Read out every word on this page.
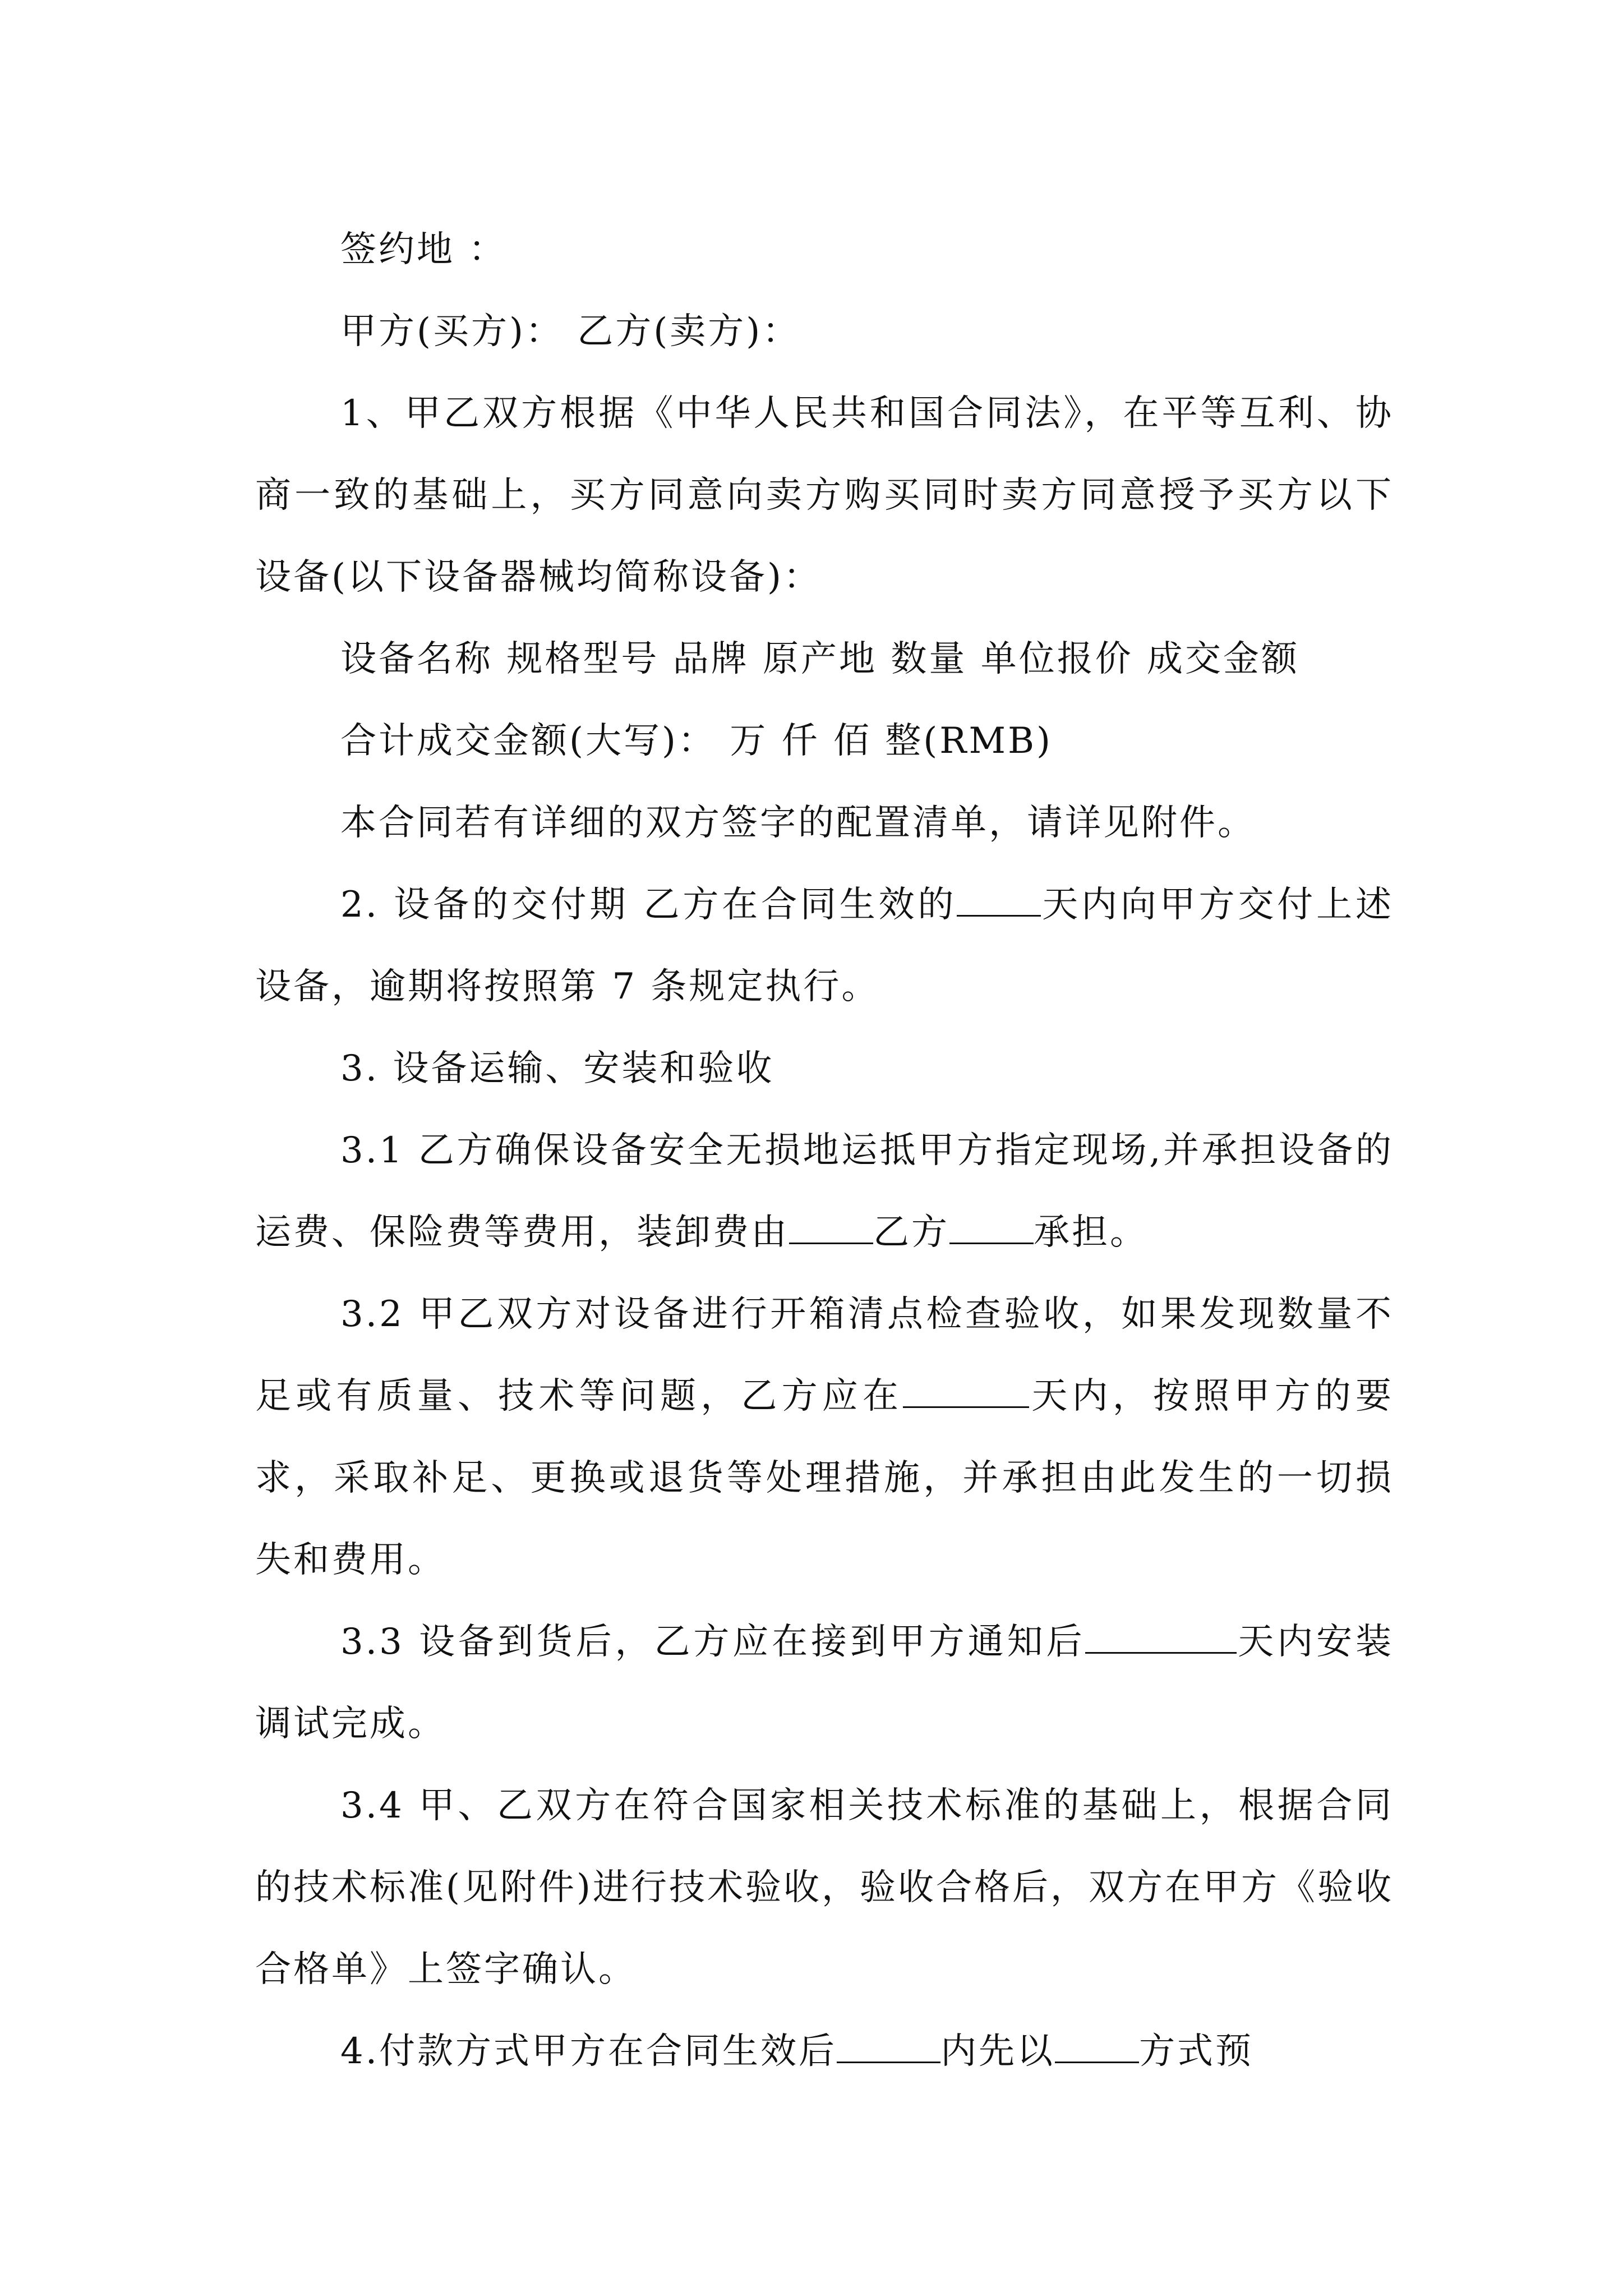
签约地 ：

甲方(买方)： 乙方(卖方)：

1、甲乙双方根据《中华人民共和国合同法》，在平等互利、协商一致的基础上，买方同意向卖方购买同时卖方同意授予买方以下设备(以下设备器械均简称设备)：

设备名称 规格型号 品牌 原产地 数量 单位报价 成交金额

合计成交金额(大写)： 万 仟 佰 整(RMB)

本合同若有详细的双方签字的配置清单，请详见附件。

2. 设备的交付期 乙方在合同生效的 天内向甲方交付上述设备，逾期将按照第 7 条规定执行。

3. 设备运输、安装和验收

3.1 乙方确保设备安全无损地运抵甲方指定现场,并承担设备的运费、保险费等费用，装卸费由 乙方 承担。

3.2 甲乙双方对设备进行开箱清点检查验收，如果发现数量不足或有质量、技术等问题，乙方应在	天内，按照甲方的要求，采取补足、更换或退货等处理措施，并承担由此发生的一切损失和费用。

3.3 设备到货后，乙方应在接到甲方通知后	天内安装调试完成。

3.4 甲、乙双方在符合国家相关技术标准的基础上，根据合同的技术标准(见附件)进行技术验收，验收合格后，双方在甲方《验收合格单》上签字确认。

4.付款方式甲方在合同生效后	内先以 方式预
